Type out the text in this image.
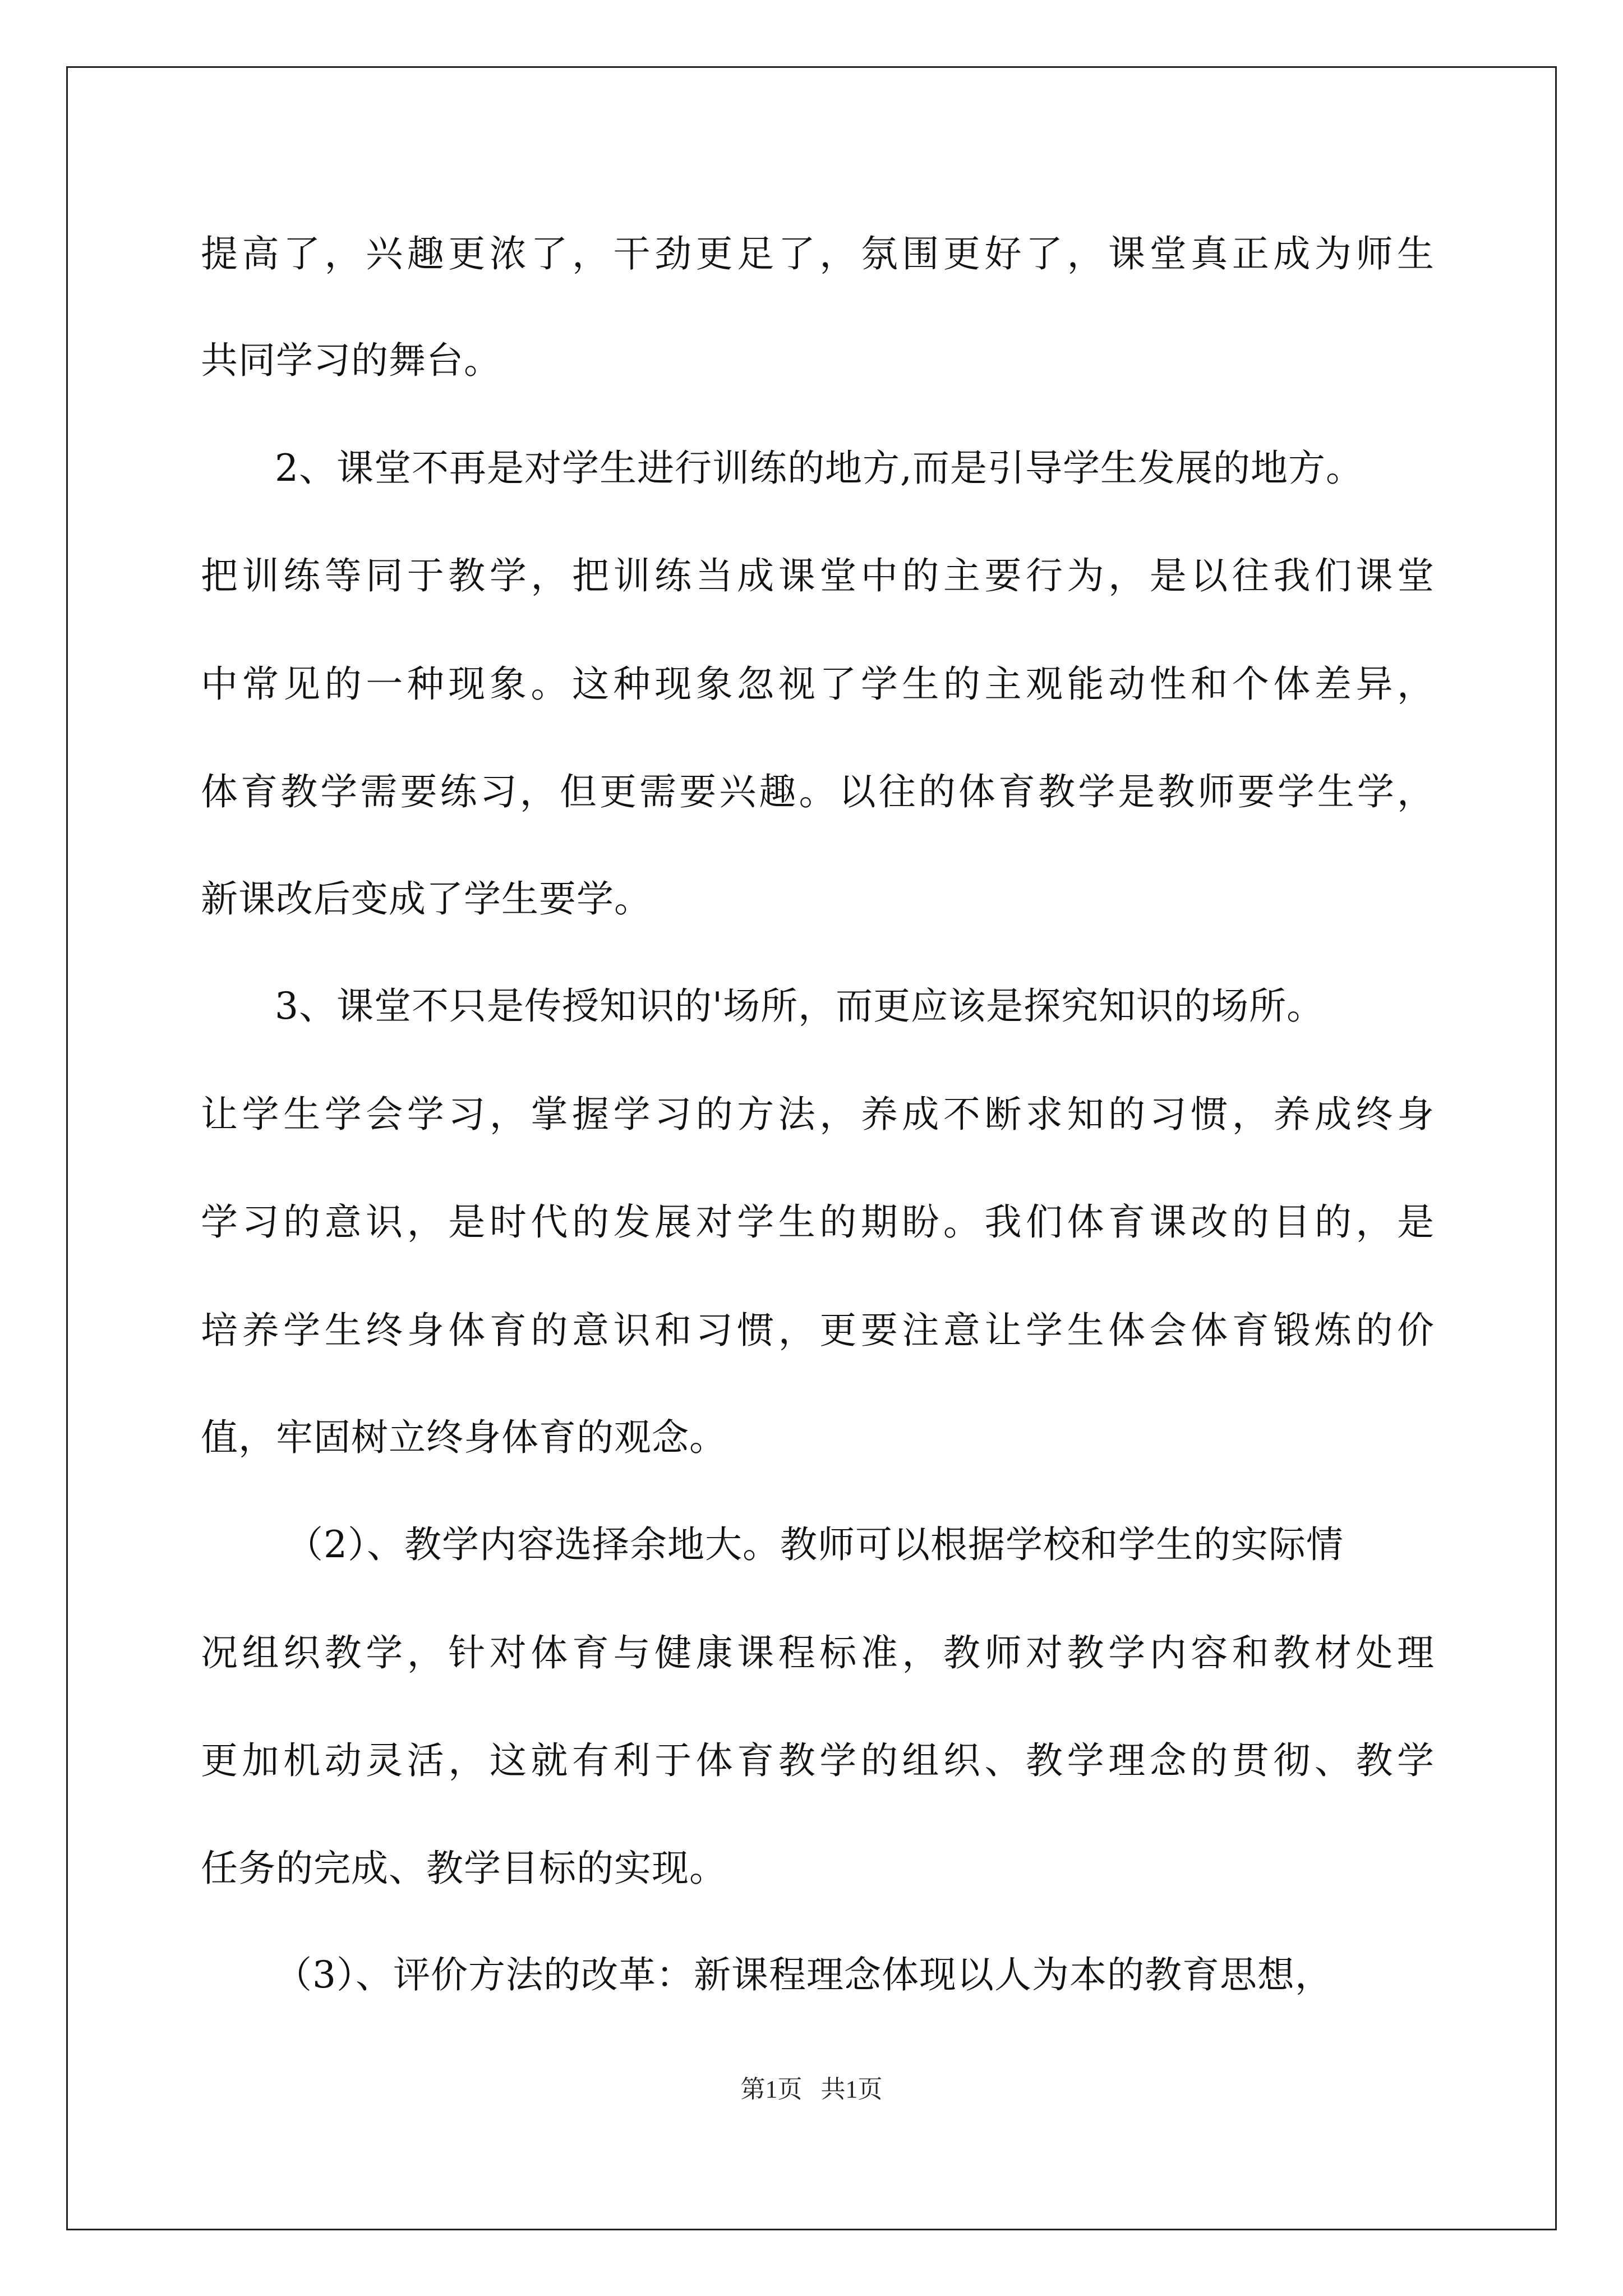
提高了，兴趣更浓了，干劲更足了，氛围更好了，课堂真正成为师生
共同学习的舞台。
2、课堂不再是对学生进行训练的地方,而是引导学生发展的地方。
把训练等同于教学，把训练当成课堂中的主要行为，是以往我们课堂
中常见的一种现象。这种现象忽视了学生的主观能动性和个体差异，
体育教学需要练习，但更需要兴趣。以往的体育教学是教师要学生学，
新课改后变成了学生要学。
3、课堂不只是传授知识的'场所，而更应该是探究知识的场所。
让学生学会学习，掌握学习的方法，养成不断求知的习惯，养成终身
学习的意识，是时代的发展对学生的期盼。我们体育课改的目的，是
培养学生终身体育的意识和习惯，更要注意让学生体会体育锻炼的价
值，牢固树立终身体育的观念。
（2）、教学内容选择余地大。教师可以根据学校和学生的实际情
况组织教学，针对体育与健康课程标准，教师对教学内容和教材处理
更加机动灵活，这就有利于体育教学的组织、教学理念的贯彻、教学
任务的完成、教学目标的实现。
（3）、评价方法的改革：新课程理念体现以人为本的教育思想，
第1页   共1页
